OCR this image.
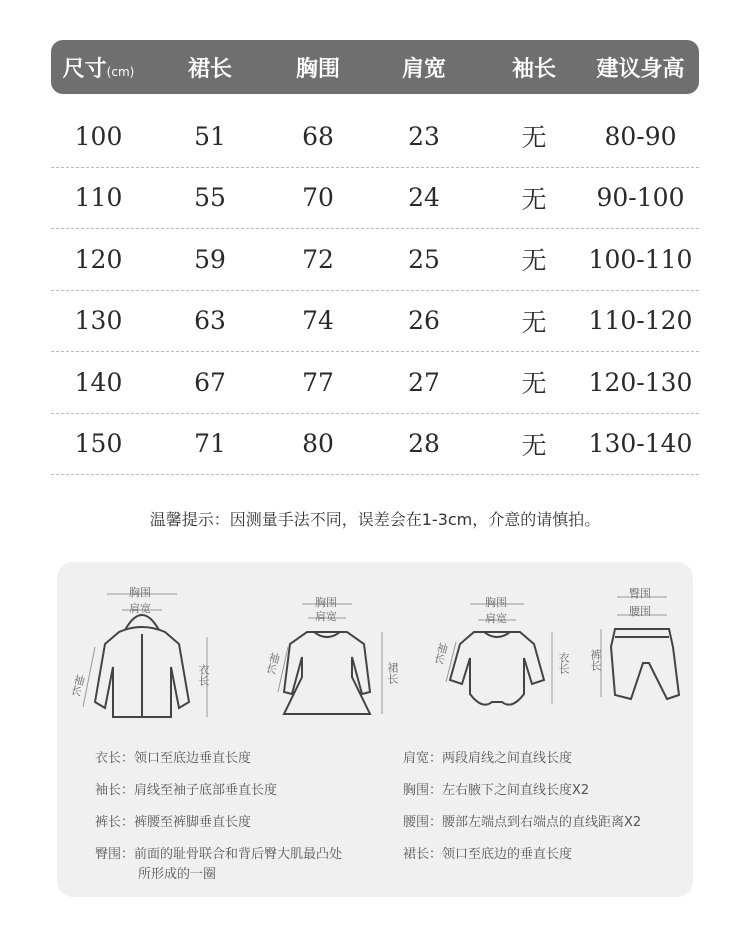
尺寸(cm)	裙长	胸围	肩宽	袖长	建议身高
100	51	68	23	无	80-90
110	55	70	24	无	90-100
120	59	72	25	无	100-110
130	63	74	26	无	110-120
140	67	77	27	无	120-130
150	71	80	28	无	130-140
温馨提示：因测量手法不同，误差会在1-3cm，介意的请慎拍。
胸围
肩宽
袖长	衣长
胸围
肩宽
袖长	裙长
胸围
肩宽
袖长	衣长
臀围
腰围
裤长
衣长：领口至底边垂直长度
袖长：肩线至袖子底部垂直长度
裤长：裤腰至裤脚垂直长度
臀围：前面的耻骨联合和背后臀大肌最凸处
所形成的一圈
肩宽：两段肩线之间直线长度
胸围：左右腋下之间直线长度X2
腰围：腰部左端点到右端点的直线距离X2
裙长：领口至底边的垂直长度
